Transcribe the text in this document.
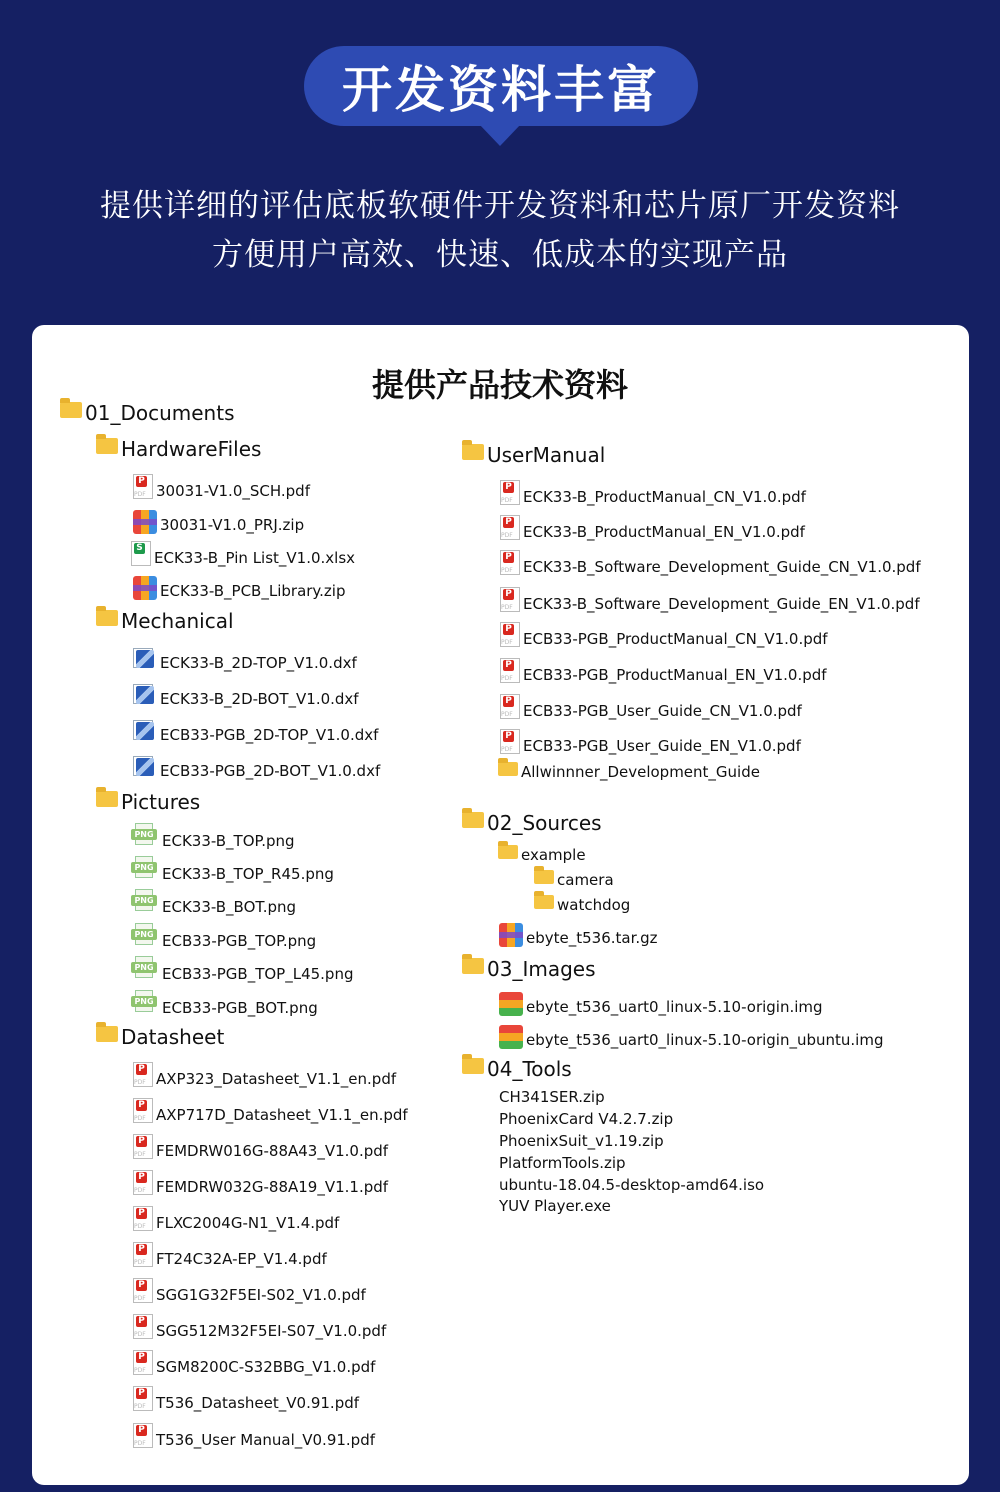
开发资料丰富
提供详细的评估底板软硬件开发资料和芯片原厂开发资料
方便用户高效、快速、低成本的实现产品
提供产品技术资料
01_Documents
HardwareFiles
P PDF
30031-V1.0_SCH.pdf
30031-V1.0_PRJ.zip
S
ECK33-B_Pin List_V1.0.xlsx
ECK33-B_PCB_Library.zip
Mechanical
ECK33-B_2D-TOP_V1.0.dxf
ECK33-B_2D-BOT_V1.0.dxf
ECB33-PGB_2D-TOP_V1.0.dxf
ECB33-PGB_2D-BOT_V1.0.dxf
Pictures
PNG
ECK33-B_TOP.png
PNG
ECK33-B_TOP_R45.png
PNG
ECK33-B_BOT.png
PNG
ECB33-PGB_TOP.png
PNG
ECB33-PGB_TOP_L45.png
PNG
ECB33-PGB_BOT.png
Datasheet
P PDF
AXP323_Datasheet_V1.1_en.pdf
P PDF
AXP717D_Datasheet_V1.1_en.pdf
P PDF
FEMDRW016G-88A43_V1.0.pdf
P PDF
FEMDRW032G-88A19_V1.1.pdf
P PDF
FLXC2004G-N1_V1.4.pdf
P PDF
FT24C32A-EP_V1.4.pdf
P PDF
SGG1G32F5EI-S02_V1.0.pdf
P PDF
SGG512M32F5EI-S07_V1.0.pdf
P PDF
SGM8200C-S32BBG_V1.0.pdf
P PDF
T536_Datasheet_V0.91.pdf
P PDF
T536_User Manual_V0.91.pdf
UserManual
P PDF
ECK33-B_ProductManual_CN_V1.0.pdf
P PDF
ECK33-B_ProductManual_EN_V1.0.pdf
P PDF
ECK33-B_Software_Development_Guide_CN_V1.0.pdf
P PDF
ECK33-B_Software_Development_Guide_EN_V1.0.pdf
P PDF
ECB33-PGB_ProductManual_CN_V1.0.pdf
P PDF
ECB33-PGB_ProductManual_EN_V1.0.pdf
P PDF
ECB33-PGB_User_Guide_CN_V1.0.pdf
P PDF
ECB33-PGB_User_Guide_EN_V1.0.pdf
Allwinnner_Development_Guide
02_Sources
example
camera
watchdog
ebyte_t536.tar.gz
03_Images
ebyte_t536_uart0_linux-5.10-origin.img
ebyte_t536_uart0_linux-5.10-origin_ubuntu.img
04_Tools
CH341SER.zip
PhoenixCard V4.2.7.zip
PhoenixSuit_v1.19.zip
PlatformTools.zip
ubuntu-18.04.5-desktop-amd64.iso
YUV Player.exe
